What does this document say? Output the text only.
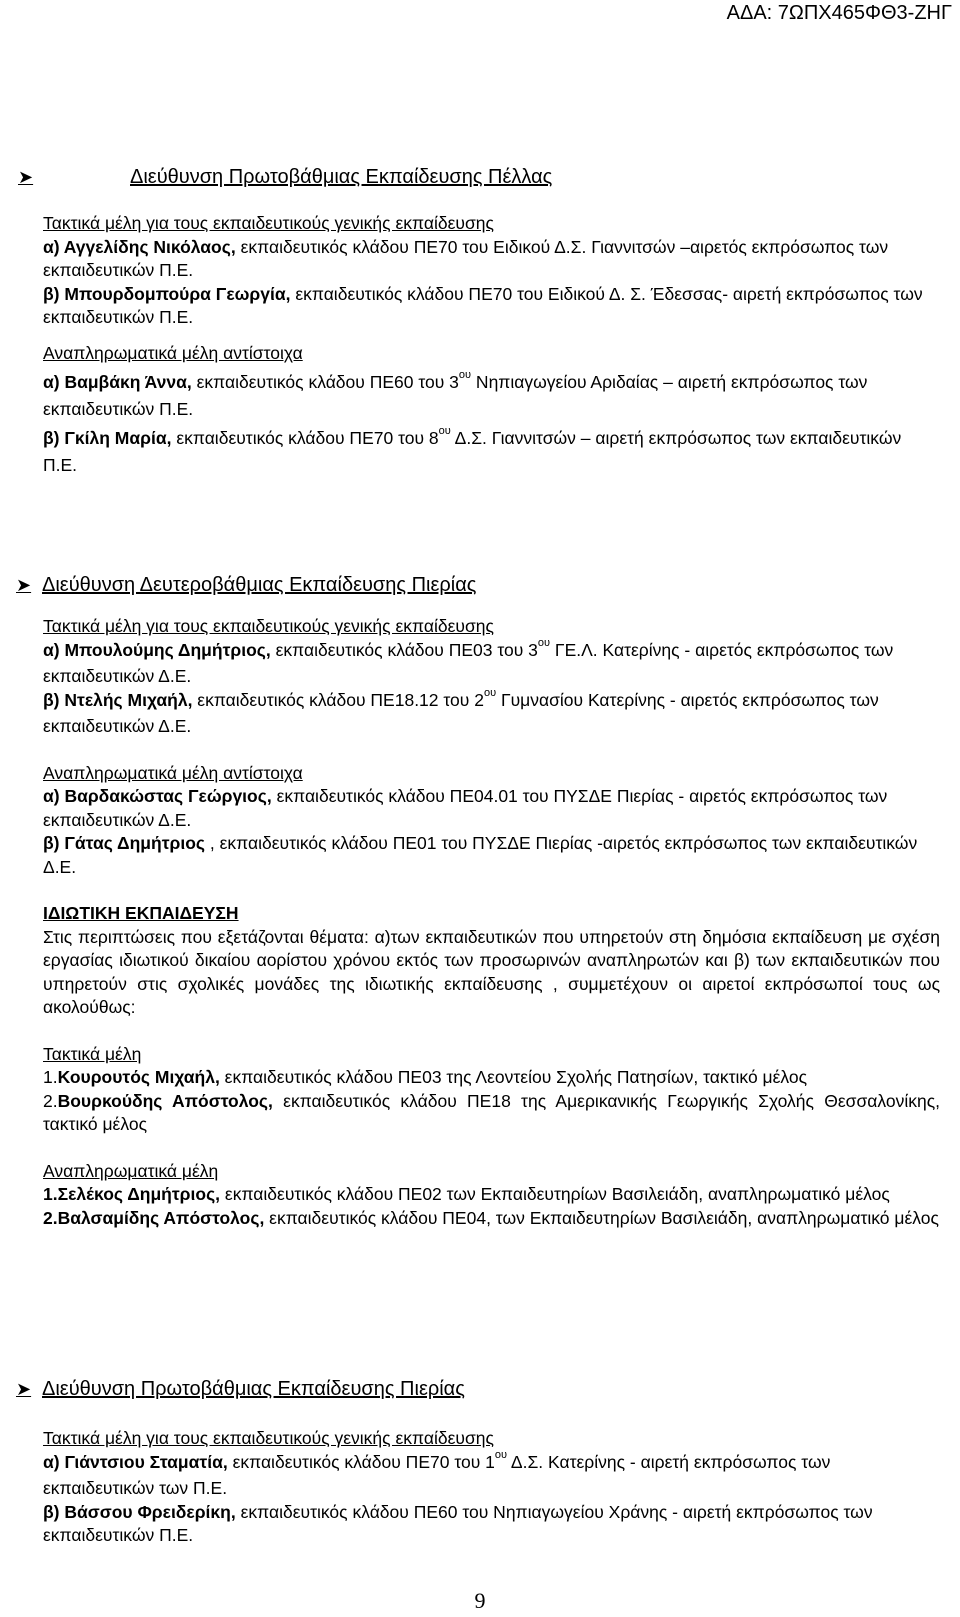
ΑΔΑ: 7ΩΠΧ465ΦΘ3-ΖΗΓ
➤	Διεύθυνση Πρωτοβάθμιας Εκπαίδευσης Πέλλας

Τακτικά μέλη για τους εκπαιδευτικούς γενικής εκπαίδευσης

α) Αγγελίδης Νικόλαος, εκπαιδευτικός κλάδου ΠΕ70 του Ειδικού Δ.Σ. Γιαννιτσών –αιρετός εκπρόσωπος των εκπαιδευτικών Π.Ε.

β) Μπουρδομπούρα Γεωργία, εκπαιδευτικός κλάδου ΠΕ70 του Ειδικού Δ. Σ. Έδεσσας- αιρετή εκπρόσωπος των εκπαιδευτικών Π.Ε.

Αναπληρωματικά μέλη αντίστοιχα

α) Βαμβάκη Άννα, εκπαιδευτικός κλάδου ΠΕ60 του $3^{o\upsilon}$ Νηπιαγωγείου Αριδαίας – αιρετή εκπρόσωπος των εκπαιδευτικών Π.Ε.

β) Γκίλη Μαρία, εκπαιδευτικός κλάδου ΠΕ70 του $8^{o\upsilon}$ Δ.Σ. Γιαννιτσών – αιρετή εκπρόσωπος των εκπαιδευτικών Π.Ε.

➤ Διεύθυνση Δευτεροβάθμιας Εκπαίδευσης Πιερίας

Τακτικά μέλη για τους εκπαιδευτικούς γενικής εκπαίδευσης

α) Μπουλούμης Δημήτριος, εκπαιδευτικός κλάδου ΠΕ03 του $3^{o\upsilon}$ ΓΕ.Λ. Κατερίνης - αιρετός εκπρόσωπος των εκπαιδευτικών Δ.Ε.

β) Ντελής Μιχαήλ, εκπαιδευτικός κλάδου ΠΕ18.12 του $2^{o\upsilon}$ Γυμνασίου Κατερίνης - αιρετός εκπρόσωπος των εκπαιδευτικών Δ.Ε.

Αναπληρωματικά μέλη αντίστοιχα

α) Βαρδακώστας Γεώργιος, εκπαιδευτικός κλάδου ΠΕ04.01 του ΠΥΣΔΕ Πιερίας - αιρετός εκπρόσωπος των εκπαιδευτικών Δ.Ε.

β) Γάτας Δημήτριος , εκπαιδευτικός κλάδου ΠΕ01 του ΠΥΣΔΕ Πιερίας -αιρετός εκπρόσωπος των εκπαιδευτικών Δ.Ε.

ΙΔΙΩΤΙΚΗ ΕΚΠΑΙΔΕΥΣΗ

Στις περιπτώσεις που εξετάζονται θέματα: α)των εκπαιδευτικών που υπηρετούν στη δημόσια εκπαίδευση με σχέση εργασίας ιδιωτικού δικαίου αορίστου χρόνου εκτός των προσωρινών αναπληρωτών και β) των εκπαιδευτικών που υπηρετούν στις σχολικές μονάδες της ιδιωτικής εκπαίδευσης , συμμετέχουν οι αιρετοί εκπρόσωποί τους ως ακολούθως:

Τακτικά μέλη

1.Κουρουτός Μιχαήλ, εκπαιδευτικός κλάδου ΠΕ03 της Λεοντείου Σχολής Πατησίων, τακτικό μέλος

2.Βουρκούδης Απόστολος, εκπαιδευτικός κλάδου ΠΕ18 της Αμερικανικής Γεωργικής Σχολής Θεσσαλονίκης, τακτικό μέλος

Αναπληρωματικά μέλη

1.Σελέκος Δημήτριος, εκπαιδευτικός κλάδου ΠΕ02 των Εκπαιδευτηρίων Βασιλειάδη, αναπληρωματικό μέλος

2.Βαλσαμίδης Απόστολος, εκπαιδευτικός κλάδου ΠΕ04, των Εκπαιδευτηρίων Βασιλειάδη, αναπληρωματικό μέλος

➤ Διεύθυνση Πρωτοβάθμιας Εκπαίδευσης Πιερίας

Τακτικά μέλη για τους εκπαιδευτικούς γενικής εκπαίδευσης

α) Γιάντσιου Σταματία, εκπαιδευτικός κλάδου ΠΕ70 του $1^{o\upsilon}$ Δ.Σ. Κατερίνης - αιρετή εκπρόσωπος των εκπαιδευτικών των Π.Ε.

β) Βάσσου Φρειδερίκη, εκπαιδευτικός κλάδου ΠΕ60 του Νηπιαγωγείου Χράνης - αιρετή εκπρόσωπος των εκπαιδευτικών Π.Ε.

9
